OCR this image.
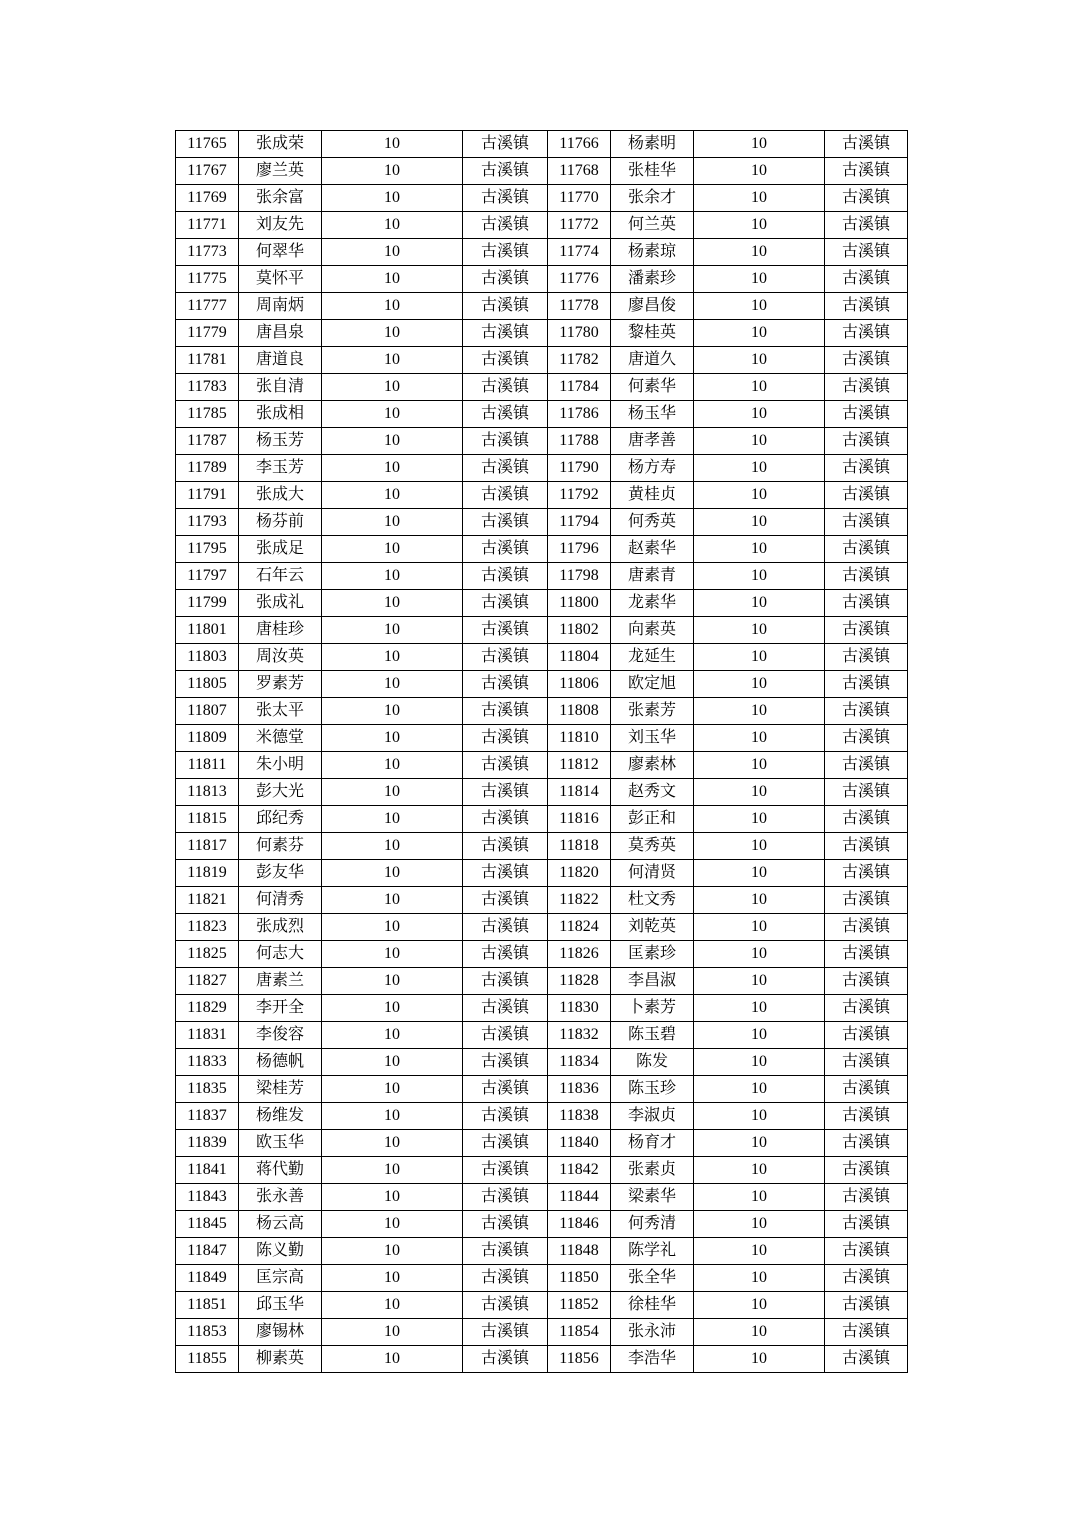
11765	张成荣	10	古溪镇	11766	杨素明	10	古溪镇
11767	廖兰英	10	古溪镇	11768	张桂华	10	古溪镇
11769	张余富	10	古溪镇	11770	张余才	10	古溪镇
11771	刘友先	10	古溪镇	11772	何兰英	10	古溪镇
11773	何翠华	10	古溪镇	11774	杨素琼	10	古溪镇
11775	莫怀平	10	古溪镇	11776	潘素珍	10	古溪镇
11777	周南炳	10	古溪镇	11778	廖昌俊	10	古溪镇
11779	唐昌泉	10	古溪镇	11780	黎桂英	10	古溪镇
11781	唐道良	10	古溪镇	11782	唐道久	10	古溪镇
11783	张自清	10	古溪镇	11784	何素华	10	古溪镇
11785	张成相	10	古溪镇	11786	杨玉华	10	古溪镇
11787	杨玉芳	10	古溪镇	11788	唐孝善	10	古溪镇
11789	李玉芳	10	古溪镇	11790	杨方寿	10	古溪镇
11791	张成大	10	古溪镇	11792	黄桂贞	10	古溪镇
11793	杨芬前	10	古溪镇	11794	何秀英	10	古溪镇
11795	张成足	10	古溪镇	11796	赵素华	10	古溪镇
11797	石年云	10	古溪镇	11798	唐素青	10	古溪镇
11799	张成礼	10	古溪镇	11800	龙素华	10	古溪镇
11801	唐桂珍	10	古溪镇	11802	向素英	10	古溪镇
11803	周汝英	10	古溪镇	11804	龙延生	10	古溪镇
11805	罗素芳	10	古溪镇	11806	欧定旭	10	古溪镇
11807	张太平	10	古溪镇	11808	张素芳	10	古溪镇
11809	米德堂	10	古溪镇	11810	刘玉华	10	古溪镇
11811	朱小明	10	古溪镇	11812	廖素林	10	古溪镇
11813	彭大光	10	古溪镇	11814	赵秀文	10	古溪镇
11815	邱纪秀	10	古溪镇	11816	彭正和	10	古溪镇
11817	何素芬	10	古溪镇	11818	莫秀英	10	古溪镇
11819	彭友华	10	古溪镇	11820	何清贤	10	古溪镇
11821	何清秀	10	古溪镇	11822	杜文秀	10	古溪镇
11823	张成烈	10	古溪镇	11824	刘乾英	10	古溪镇
11825	何志大	10	古溪镇	11826	匡素珍	10	古溪镇
11827	唐素兰	10	古溪镇	11828	李昌淑	10	古溪镇
11829	李开全	10	古溪镇	11830	卜素芳	10	古溪镇
11831	李俊容	10	古溪镇	11832	陈玉碧	10	古溪镇
11833	杨德帆	10	古溪镇	11834	陈发	10	古溪镇
11835	梁桂芳	10	古溪镇	11836	陈玉珍	10	古溪镇
11837	杨维发	10	古溪镇	11838	李淑贞	10	古溪镇
11839	欧玉华	10	古溪镇	11840	杨育才	10	古溪镇
11841	蒋代勤	10	古溪镇	11842	张素贞	10	古溪镇
11843	张永善	10	古溪镇	11844	梁素华	10	古溪镇
11845	杨云高	10	古溪镇	11846	何秀清	10	古溪镇
11847	陈义勤	10	古溪镇	11848	陈学礼	10	古溪镇
11849	匡宗高	10	古溪镇	11850	张全华	10	古溪镇
11851	邱玉华	10	古溪镇	11852	徐桂华	10	古溪镇
11853	廖锡林	10	古溪镇	11854	张永沛	10	古溪镇
11855	柳素英	10	古溪镇	11856	李浩华	10	古溪镇
